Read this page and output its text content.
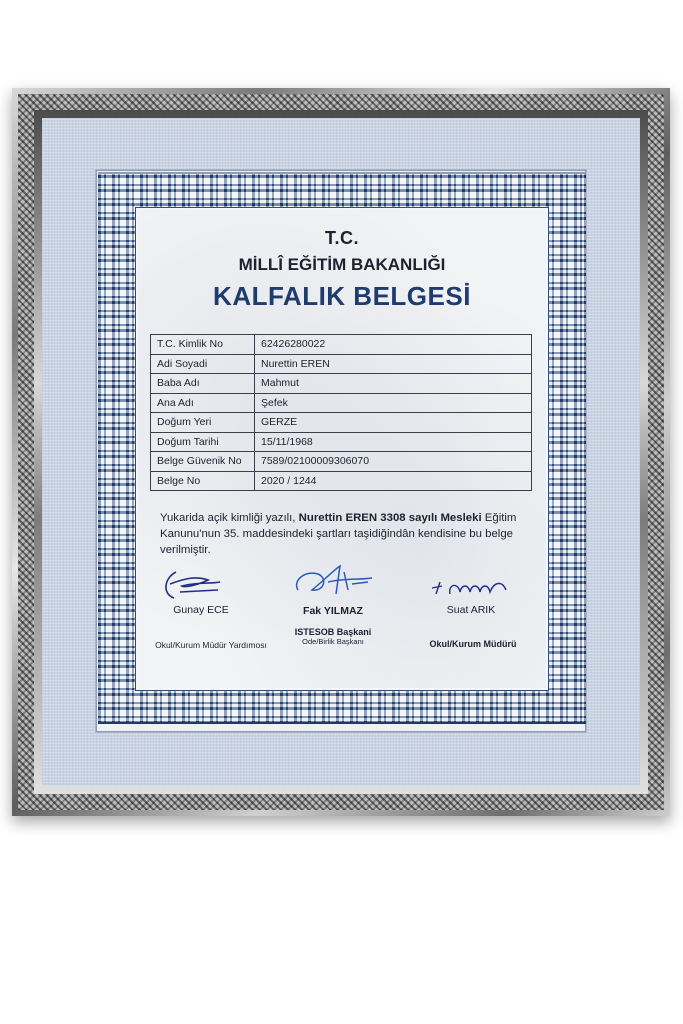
T.C.
MİLLÎ EĞİTİM BAKANLIĞI
KALFALIK BELGESİ
T.C. Kimlik No	62426280022
Adi Soyadi	Nurettin EREN
Baba Adı	Mahmut
Ana Adı	Şefek
Doğum Yeri	GERZE
Doğum Tarihi	15/11/1968
Belge Güvenik No	7589/02100009306070
Belge No	2020 / 1244
Yukarida açik kimliği yazılı, Nurettin EREN 3308 sayılı Mesleki Eğitim Kanunu'nun 35. maddesindeki şartları taşidiğindân kendisine bu belge verilmiştir.
Gunay ECE
Okul/Kurum Müdür Yardımosı
Fak YILMAZ
ISTESOB Başkani
Ode/Birlik Başkanı
Suat ARIK
Okul/Kurum Müdürü
